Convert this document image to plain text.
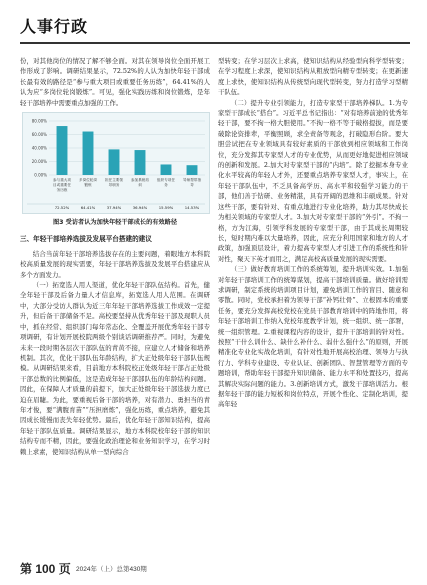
人事行政

份，对其他岗位的情况了解不够全面。对其在领导岗位全面开展工作形成了影响。调研结果显示，72.52%的人认为加快年轻干部成长最有效的路径是“参与重大项目或重要任务历练”，64.41%的人认为应“多岗位轮岗锻炼”。可见，强化实践历练和岗位锻炼，是年轻干部培养中需要重点加强的工作。

0.00%
20.00%
40.00%
60.00%
80.00%
参与重大项
目或重要任
务历练
72.52%
多岗位轮岗
锻炼
64.41%
担任主要领
导职务
37.94%
参加系统培
训
36.94%
组织专项任
务
15.59%
导师帮带指
导
14.53%
图3 受访者认为加快年轻干部成长的有效路径

三、年轻干部培养选拔及发展平台搭建的建议

结合当前年轻干部培养选拔存在的主要问题，着眼地方本科院校高质量发展的现实需要，年轻干部培养选拔及发展平台搭建应从多个方面发力。

（一）拓宽选人用人渠道，优化年轻干部队伍结构。首先，健全年轻干部及后备力量人才信息库，拓宽选人用人范围。在调研中，大部分受访人群认为近三年年轻干部培养选拔工作成效一定提升，但后备干部储备不足。高校要坚持从优秀年轻干部及现职人员中，抓在经常、组织部门每年常态化、全覆盖开展优秀年轻干部专项调研，有计划开展校院两级个别谈话调研推荐严。同时，为避免未来一段时期各层次干部队伍的青黄不接，应建立人才储备和培养机制。其次，优化干部队伍年龄结构，扩大正处级年轻干部队伍规模。从调研结果来看，目前地方本科院校正处级年轻干部占正处级干部总数的比例偏低，这是造成年轻干部部队伍的年龄结构问题。因此，在保障人才质量的前提下，加大正处级年轻干部选拔力度已迫在眉睫。为此，要重视后备干部的培养，对有潜力、勇担当的青年才俊，要“满腹育苗”“压担磨炼”，强化历练，重点培养，避免其因成长缓慢而丧失年轻优势。最后，优化年轻干部知识结构，提高年轻干部队伍质量。调研结果显示，地方本科院校年轻干部的知识结构专而不精，因此，要强化政治理论和业务知识学习，在学习时赖上求素，使知识结构从单一型向综合

型转变；在学习层次上求高，使知识结构从经验型向科学型转变；在学习程度上求深，使知识结构从粗放型向精专型转变；在更新速度上求快，使知识结构从传统型向现代型转变，努力打造学习型精干队伍。

（二）提升专业引领能力，打造专家型干部培养梯队。1.为专家型干部成长“搭台”。习近平总书记指出：“对有培养前途的优秀年轻干部，要不拘一格大胆使用。”不拘一格不等于破格提拔，而是要破除论资排辈，平衡照顾，求全责备等观念，打破隐形台阶。要大胆尝试把在专业领域具有较好素质的干部放到相应领域和工作岗位，充分发挥其专家型人才的专业优势，从而更好地促进相应领域的创新和发展。2.加大对专家型干部的“内培”。除了挖掘本身专业化水平较高的年轻人才外，还要重点培养专家型人才，事实上，在年轻干部队伍中，不乏具备高学历、高水平和较强学习能力的干部，他们善于钻研、业务精湛，具有开阔的思维和丰硕成果。针对这些干部，要有针对、有重点地进行专业化培养，助力其尽快成长为相关领域的专家型人才。3.加大对专家型干部的“外引”。不拘一格，方为江海，引领学科发展的专家型干部，由于其成长周期较长，短时期内难以大量培养，因此，应充分利用国家和地方的人才政策，加强顶层设计，着力提高专家型人才引进工作的系统性和针对性，聚天下英才而用之，满足高校高质量发展的现实需要。

（三）做好教育培训工作的系统筹划，提升培训实效。1.加强对年轻干部培训工作的统筹谋划，提高干部培训质量。做好培训需求调研，制定系统的培训项目计划，避免培训工作的盲目、随意和零散。同时，党校承担着为领导干部“补钙壮骨”、立根固本的重要任务，要充分发挥高校党校在党员干部教育培训中的阵地作用，将年轻干部培训工作纳入党校年度教学计划，统一组织、统一部署，统一组织管理。2.重视课程内容的设计，提升干部培训的针对性。按照“干什么训什么、缺什么补什么、弱什么强什么”的原则，开展精准化专业化实战化培训，有针对性地开展高校治理、领导力与执行力、学科专业建设、专业认证、创新团队、智慧管理等方面的专题培训，帮助年轻干部提升知识储备、能力水平和处置技巧，提高其解决实际问题的能力。3.创新培训方式，激发干部培训活力。根据年轻干部的能力短板和岗位特点，开展个性化、定制化培训，提高年轻

第 100 页 2024年（上）总第430期
